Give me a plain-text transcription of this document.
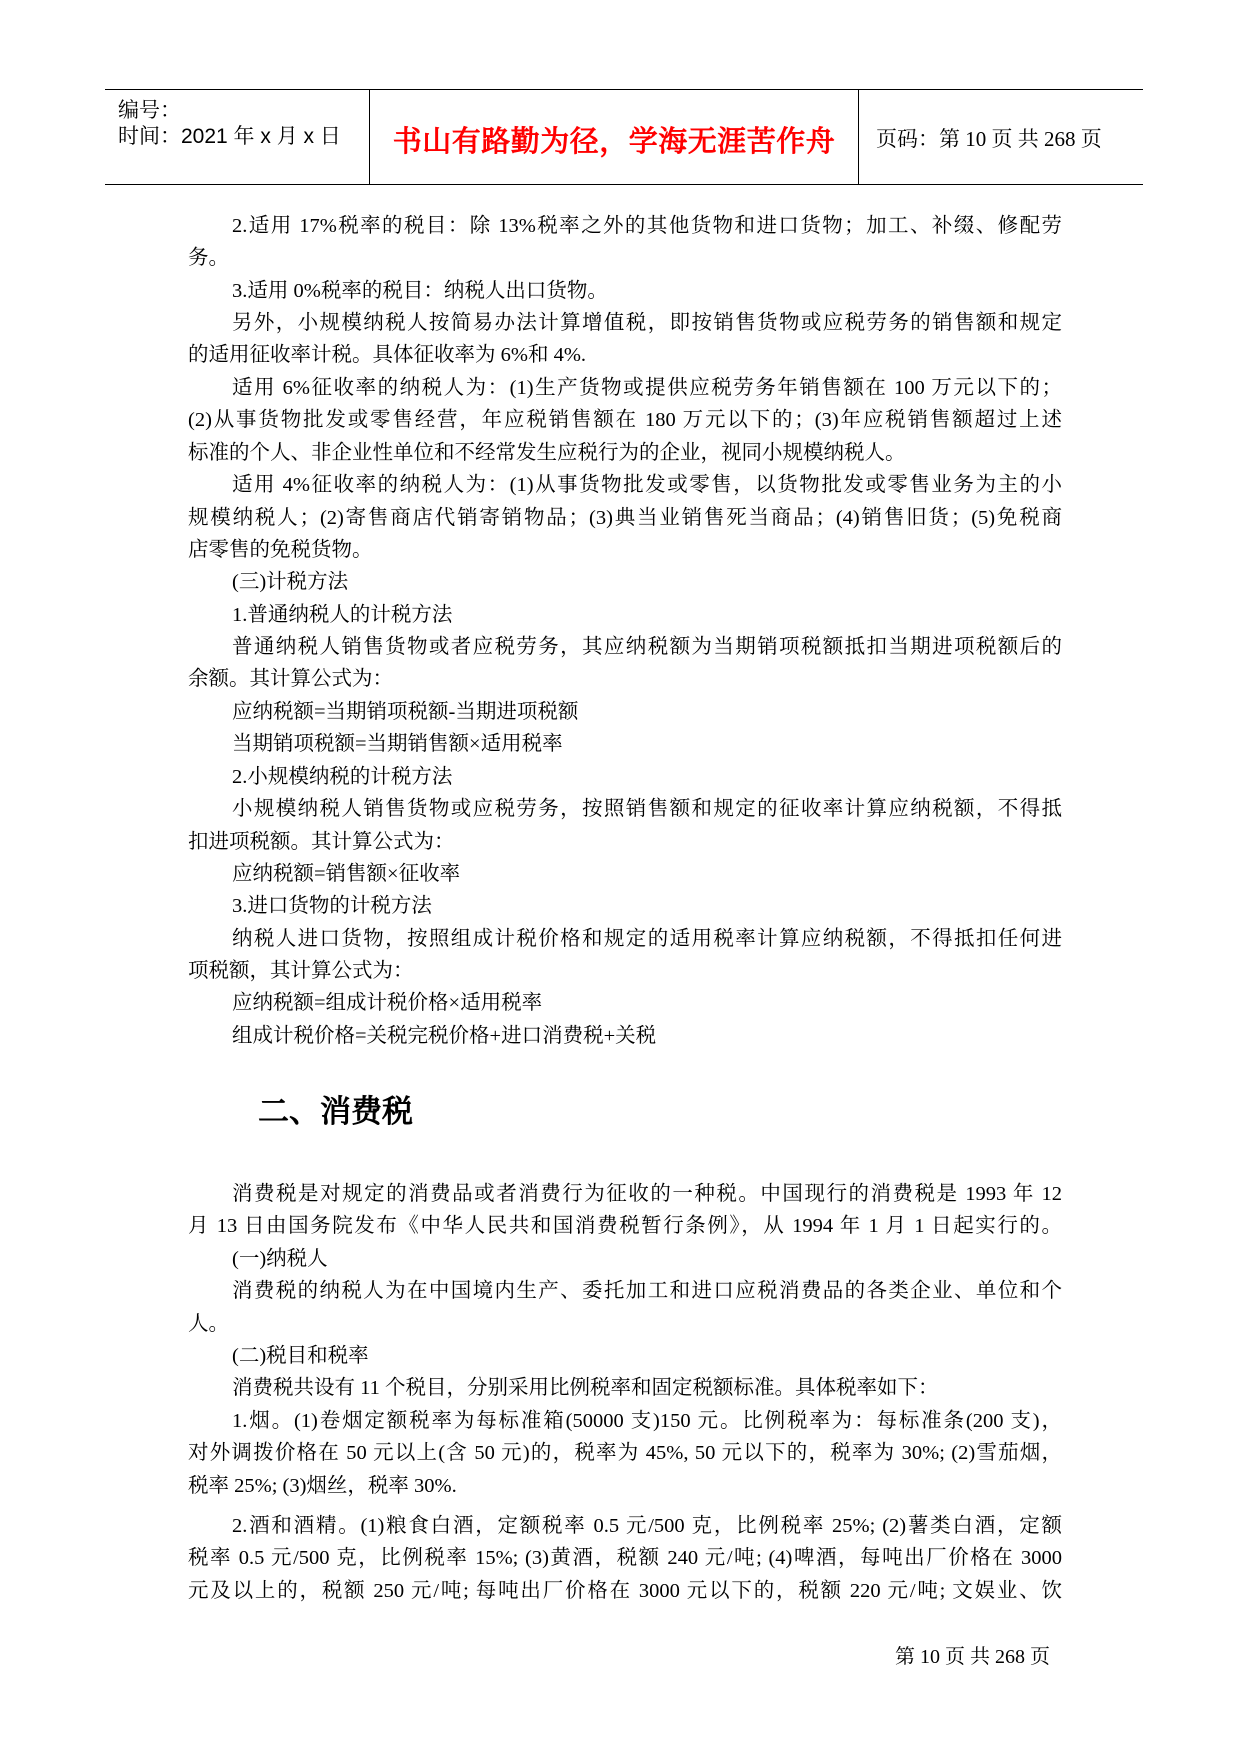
编号：
时间：2021 年 x 月 x 日	书山有路勤为径，学海无涯苦作舟	页码：第 10 页 共 268 页
2.适用 17%税率的税目：除 13%税率之外的其他货物和进口货物；加工、补缀、修配劳
务。
3.适用 0%税率的税目：纳税人出口货物。
另外，小规模纳税人按简易办法计算增值税，即按销售货物或应税劳务的销售额和规定
的适用征收率计税。具体征收率为 6%和 4%.
适用 6%征收率的纳税人为：(1)生产货物或提供应税劳务年销售额在 100 万元以下的；
(2)从事货物批发或零售经营，年应税销售额在 180 万元以下的；(3)年应税销售额超过上述
标准的个人、非企业性单位和不经常发生应税行为的企业，视同小规模纳税人。
适用 4%征收率的纳税人为：(1)从事货物批发或零售，以货物批发或零售业务为主的小
规模纳税人；(2)寄售商店代销寄销物品；(3)典当业销售死当商品；(4)销售旧货；(5)免税商
店零售的免税货物。
(三)计税方法
1.普通纳税人的计税方法
普通纳税人销售货物或者应税劳务，其应纳税额为当期销项税额抵扣当期进项税额后的
余额。其计算公式为：
应纳税额=当期销项税额-当期进项税额
当期销项税额=当期销售额×适用税率
2.小规模纳税的计税方法
小规模纳税人销售货物或应税劳务，按照销售额和规定的征收率计算应纳税额，不得抵
扣进项税额。其计算公式为：
应纳税额=销售额×征收率
3.进口货物的计税方法
纳税人进口货物，按照组成计税价格和规定的适用税率计算应纳税额，不得抵扣任何进
项税额，其计算公式为：
应纳税额=组成计税价格×适用税率
组成计税价格=关税完税价格+进口消费税+关税
二、消费税
消费税是对规定的消费品或者消费行为征收的一种税。中国现行的消费税是 1993 年 12
月 13 日由国务院发布《中华人民共和国消费税暂行条例》，从 1994 年 1 月 1 日起实行的。
(一)纳税人
消费税的纳税人为在中国境内生产、委托加工和进口应税消费品的各类企业、单位和个
人。
(二)税目和税率
消费税共设有 11 个税目，分别采用比例税率和固定税额标准。具体税率如下：
1.烟。(1)卷烟定额税率为每标准箱(50000 支)150 元。比例税率为：每标准条(200 支)，
对外调拨价格在 50 元以上(含 50 元)的，税率为 45%, 50 元以下的，税率为 30%; (2)雪茄烟，
税率 25%; (3)烟丝，税率 30%.
2.酒和酒精。(1)粮食白酒，定额税率 0.5 元/500 克，比例税率 25%; (2)薯类白酒，定额
税率 0.5 元/500 克，比例税率 15%; (3)黄酒，税额 240 元/吨; (4)啤酒，每吨出厂价格在 3000
元及以上的，税额 250 元/吨; 每吨出厂价格在 3000 元以下的，税额 220 元/吨; 文娱业、饮
第 10 页 共 268 页
